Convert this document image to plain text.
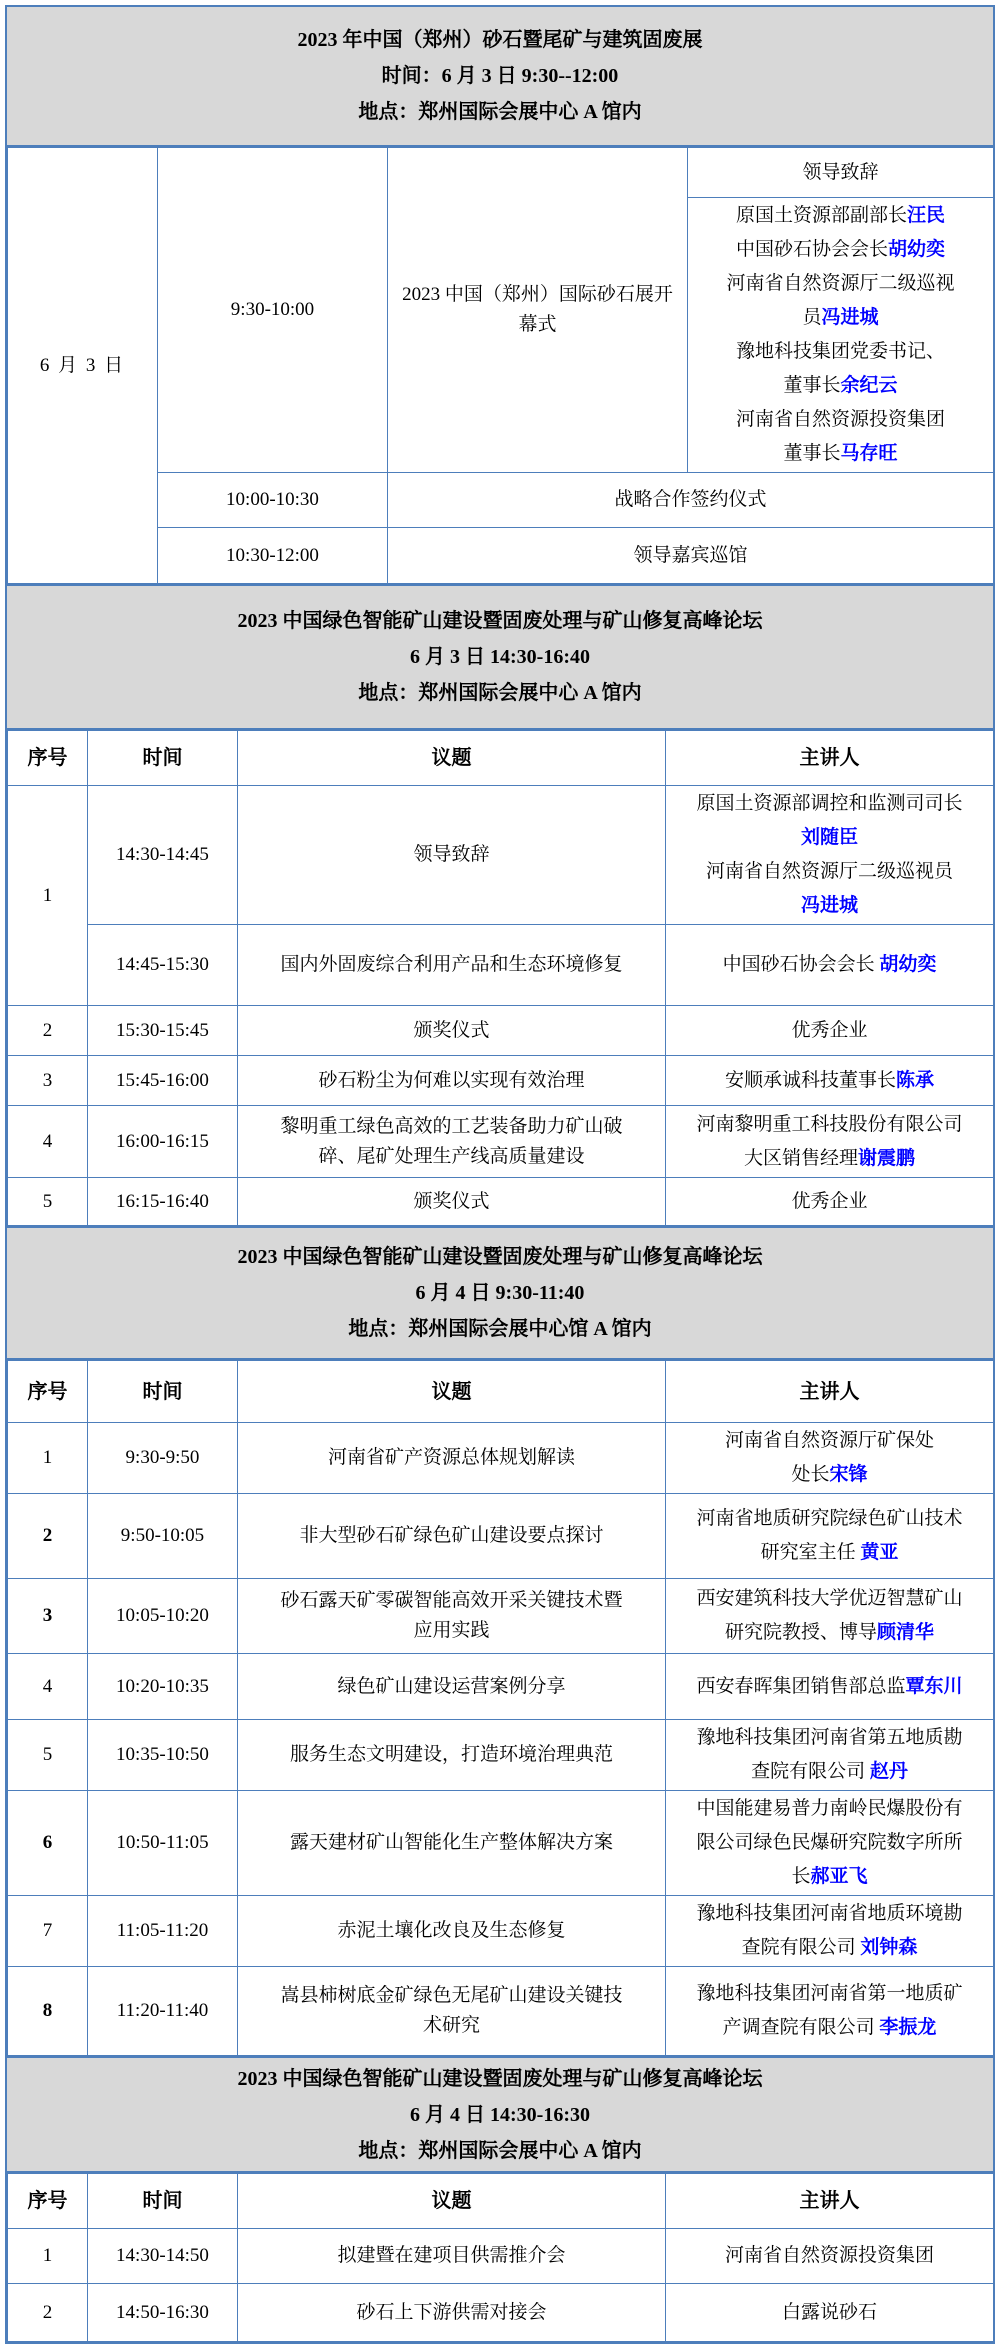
2023 年中国（郑州）砂石暨尾矿与建筑固废展

时间：6 月 3 日 9:30--12:00

地点：郑州国际会展中心 A 馆内

6 月 3 日	9:30-10:00	2023 中国（郑州）国际砂石展开幕式	领导致辞

原国土资源部副部长汪民
中国砂石协会会长胡幼奕
河南省自然资源厅二级巡视
员冯进城
豫地科技集团党委书记、
董事长余纪云
河南省自然资源投资集团
董事长马存旺

	10:00-10:30	战略合作签约仪式	
	10:30-12:00	领导嘉宾巡馆	

2023 中国绿色智能矿山建设暨固废处理与矿山修复高峰论坛

6 月 3 日 14:30-16:40

地点：郑州国际会展中心 A 馆内

序号	时间	议题	主讲人
1	14:30-14:45	领导致辞	原国土资源部调控和监测司司长
刘随臣
河南省自然资源厅二级巡视员
冯进城

	14:45-15:30	国内外固废综合利用产品和生态环境修复	中国砂石协会会长 胡幼奕

2	15:30-15:45	颁奖仪式	优秀企业

3	15:45-16:00	砂石粉尘为何难以实现有效治理	安顺承诚科技董事长陈承

4	16:00-16:15	黎明重工绿色高效的工艺装备助力矿山破碎、尾矿处理生产线高质量建设	河南黎明重工科技股份有限公司
大区销售经理谢震鹏

5	16:15-16:40	颁奖仪式	优秀企业

2023 中国绿色智能矿山建设暨固废处理与矿山修复高峰论坛

6 月 4 日 9:30-11:40

地点：郑州国际会展中心馆 A 馆内

序号	时间	议题	主讲人
1	9:30-9:50	河南省矿产资源总体规划解读	河南省自然资源厅矿保处
处长宋锋

2	9:50-10:05	非大型砂石矿绿色矿山建设要点探讨	河南省地质研究院绿色矿山技术
研究室主任 黄亚

3	10:05-10:20	砂石露天矿零碳智能高效开采关键技术暨应用实践	西安建筑科技大学优迈智慧矿山
研究院教授、博导顾清华

4	10:20-10:35	绿色矿山建设运营案例分享	西安春晖集团销售部总监覃东川

5	10:35-10:50	服务生态文明建设，打造环境治理典范	豫地科技集团河南省第五地质勘
查院有限公司 赵丹

6	10:50-11:05	露天建材矿山智能化生产整体解决方案	中国能建易普力南岭民爆股份有
限公司绿色民爆研究院数字所所
长郝亚飞

7	11:05-11:20	赤泥土壤化改良及生态修复	豫地科技集团河南省地质环境勘
查院有限公司 刘钟森

8	11:20-11:40	嵩县柿树底金矿绿色无尾矿山建设关键技术研究	豫地科技集团河南省第一地质矿
产调查院有限公司 李振龙

2023 中国绿色智能矿山建设暨固废处理与矿山修复高峰论坛

6 月 4 日 14:30-16:30

地点：郑州国际会展中心 A 馆内

序号	时间	议题	主讲人
1	14:30-14:50	拟建暨在建项目供需推介会	河南省自然资源投资集团

2	14:50-16:30	砂石上下游供需对接会	白露说砂石
